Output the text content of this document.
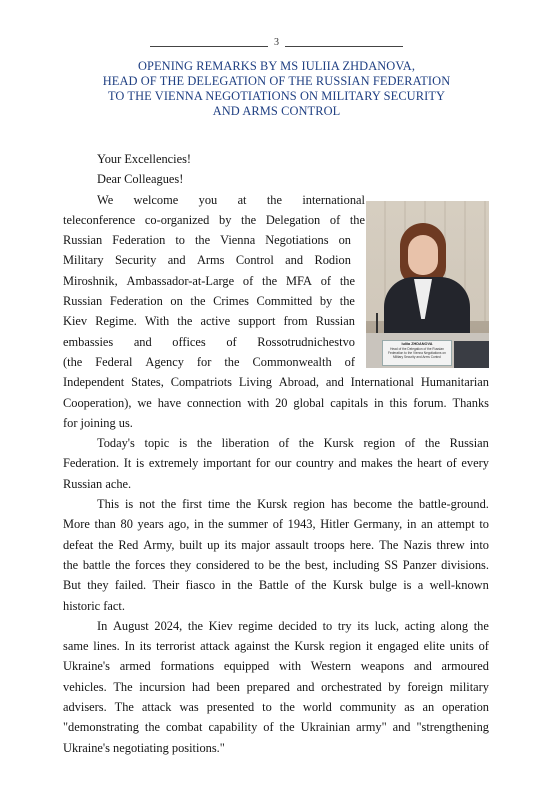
3
OPENING REMARKS BY MS IULIIA ZHDANOVA,
HEAD OF THE DELEGATION OF THE RUSSIAN FEDERATION
TO THE VIENNA NEGOTIATIONS ON MILITARY SECURITY
AND ARMS CONTROL
Iuliia ZHDANOVA
Head of the Delegation of the Russian Federation to the Vienna Negotiations on Military Security and Arms Control
Your Excellencies!
Dear Colleagues!
We welcome you at the international
teleconference co-organized by the Delegation of the
Russian Federation to the Vienna Negotiations on
Military Security and Arms Control and Rodion
Miroshnik, Ambassador-at-Large of the MFA of the
Russian Federation on the Crimes Committed by the
Kiev Regime. With the active support from Russian
embassies and offices of Rossotrudnichestvo
(the Federal Agency for the Commonwealth of
Independent States, Compatriots Living Abroad, and International Humanitarian
Cooperation), we have connection with 20 global capitals in this forum. Thanks
for joining us.
Today's topic is the liberation of the Kursk region of the Russian
Federation. It is extremely important for our country and makes the heart of every
Russian ache.
This is not the first time the Kursk region has become the battle-ground.
More than 80 years ago, in the summer of 1943, Hitler Germany, in an attempt to
defeat the Red Army, built up its major assault troops here. The Nazis threw into
the battle the forces they considered to be the best, including SS Panzer divisions.
But they failed. Their fiasco in the Battle of the Kursk bulge is a well-known
historic fact.
In August 2024, the Kiev regime decided to try its luck, acting along the
same lines. In its terrorist attack against the Kursk region it engaged elite units of
Ukraine's armed formations equipped with Western weapons and armoured
vehicles. The incursion had been prepared and orchestrated by foreign military
advisers. The attack was presented to the world community as an operation
"demonstrating the combat capability of the Ukrainian army" and "strengthening
Ukraine's negotiating positions."
